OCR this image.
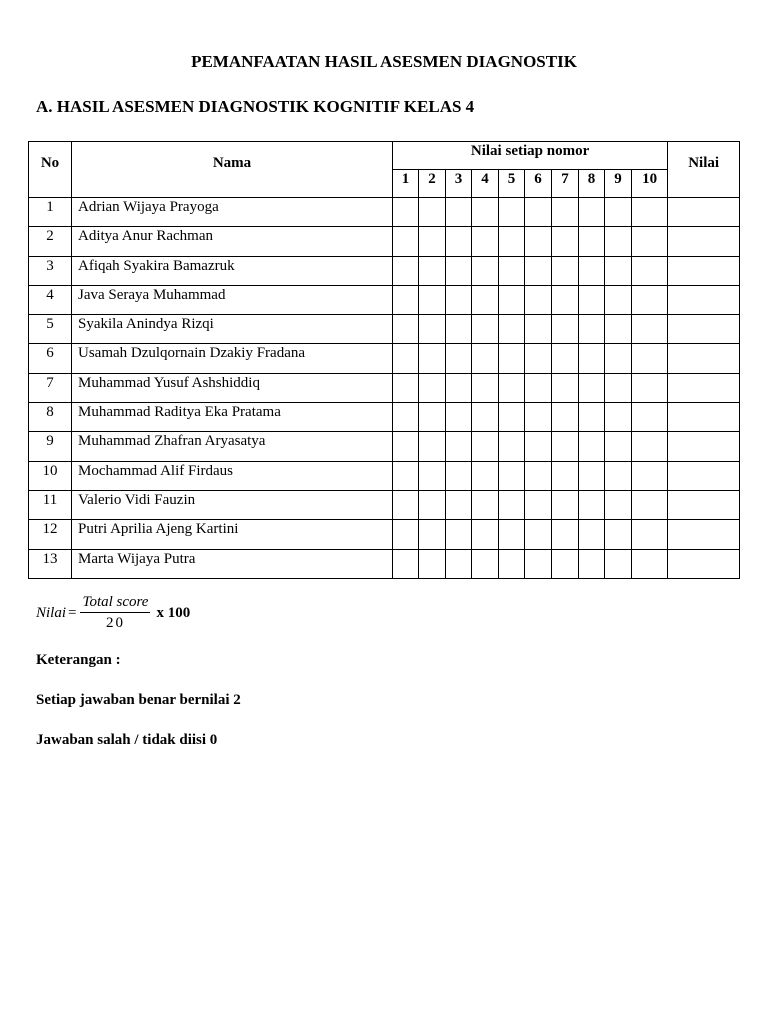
PEMANFAATAN HASIL ASESMEN DIAGNOSTIK
A. HASIL ASESMEN DIAGNOSTIK KOGNITIF KELAS 4
No	Nama	Nilai setiap nomor										Nilai
		1	2	3	4	5	6	7	8	9	10	
1	Adrian Wijaya Prayoga											
2	Aditya Anur Rachman											
3	Afiqah Syakira Bamazruk											
4	Java Seraya Muhammad											
5	Syakila Anindya Rizqi											
6	Usamah Dzulqornain Dzakiy Fradana											
7	Muhammad Yusuf Ashshiddiq											
8	Muhammad Raditya Eka Pratama											
9	Muhammad Zhafran Aryasatya											
10	Mochammad Alif Firdaus											
11	Valerio Vidi Fauzin											
12	Putri Aprilia Ajeng Kartini											
13	Marta Wijaya Putra											
Nilai = $\frac{\text{Total score}}{20}$ x 100

Keterangan :

Setiap jawaban benar bernilai 2

Jawaban salah / tidak diisi 0
